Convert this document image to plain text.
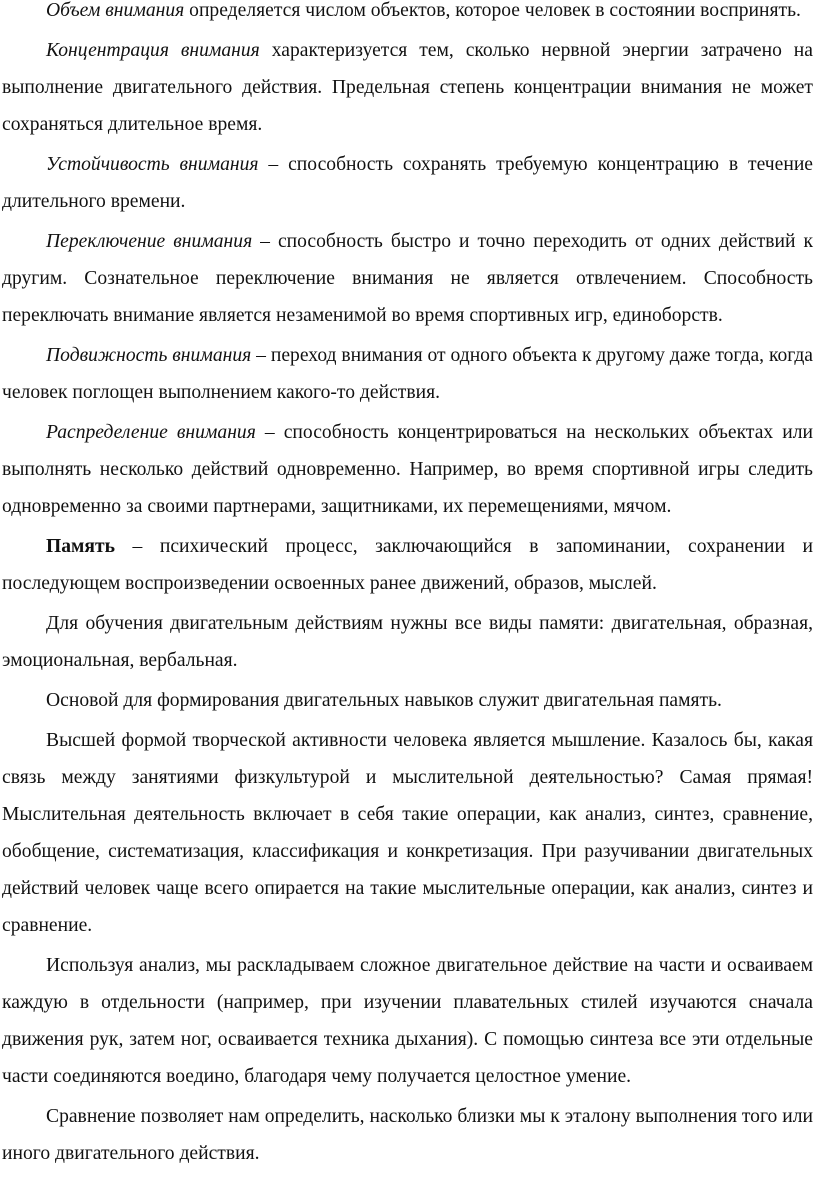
Объем внимания определяется числом объектов, которое человек в состоянии воспринять.

Концентрация внимания характеризуется тем, сколько нервной энергии затрачено на выполнение двигательного действия. Предельная степень концентрации внимания не может сохраняться длительное время.

Устойчивость внимания – способность сохранять требуемую концентрацию в течение длительного времени.

Переключение внимания – способность быстро и точно переходить от одних действий к другим. Сознательное переключение внимания не является отвлечением. Способность переключать внимание является незаменимой во время спортивных игр, единоборств.

Подвижность внимания – переход внимания от одного объекта к другому даже тогда, когда человек поглощен выполнением какого-то действия.

Распределение внимания – способность концентрироваться на нескольких объектах или выполнять несколько действий одновременно. Например, во время спортивной игры следить одновременно за своими партнерами, защитниками, их перемещениями, мячом.

Память – психический процесс, заключающийся в запоминании, сохранении и последующем воспроизведении освоенных ранее движений, образов, мыслей.

Для обучения двигательным действиям нужны все виды памяти: двигательная, образная, эмоциональная, вербальная.

Основой для формирования двигательных навыков служит двигательная память.

Высшей формой творческой активности человека является мышление. Казалось бы, какая связь между занятиями физкультурой и мыслительной деятельностью? Самая прямая! Мыслительная деятельность включает в себя такие операции, как анализ, синтез, сравнение, обобщение, систематизация, классификация и конкретизация. При разучивании двигательных действий человек чаще всего опирается на такие мыслительные операции, как анализ, синтез и сравнение.

Используя анализ, мы раскладываем сложное двигательное действие на части и осваиваем каждую в отдельности (например, при изучении плавательных стилей изучаются сначала движения рук, затем ног, осваивается техника дыхания). С помощью синтеза все эти отдельные части соединяются воедино, благодаря чему получается целостное умение.

Сравнение позволяет нам определить, насколько близки мы к эталону выполнения того или иного двигательного действия.
